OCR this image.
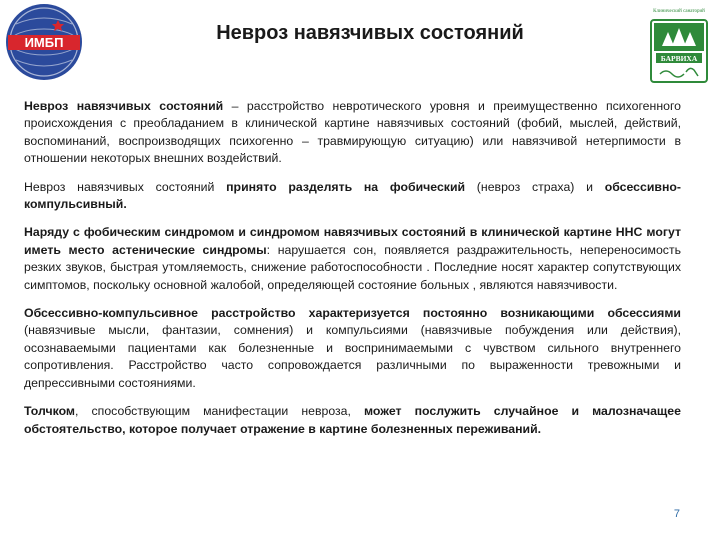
ИМБП	Невроз навязчивых состояний
Клинический санаторий
БАРВИХА

Невроз навязчивых состояний – расстройство невротического уровня и преимущественно психогенного происхождения с преобладанием в клинической картине навязчивых состояний (фобий, мыслей, действий, воспоминаний, воспроизводящих психогенно – травмирующую ситуацию) или навязчивой нетерпимости в отношении некоторых внешних воздействий.

Невроз навязчивых состояний принято разделять на фобический (невроз страха) и обсессивно-компульсивный.

Наряду с фобическим синдромом и синдромом навязчивых состояний в клинической картине ННС могут иметь место астенические синдромы: нарушается сон, появляется раздражительность, непереносимость резких звуков, быстрая утомляемость, снижение работоспособности . Последние носят характер сопутствующих симптомов, поскольку основной жалобой, определяющей состояние больных , являются навязчивости.

Обсессивно-компульсивное расстройство характеризуется постоянно возникающими обсессиями (навязчивые мысли, фантазии, сомнения) и компульсиями (навязчивые побуждения или действия), осознаваемыми пациентами как болезненные и воспринимаемыми с чувством сильного внутреннего сопротивления. Расстройство часто сопровождается различными по выраженности тревожными и депрессивными состояниями.

Толчком, способствующим манифестации невроза, может послужить случайное и малозначащее обстоятельство, которое получает отражение в картине болезненных переживаний.

7
